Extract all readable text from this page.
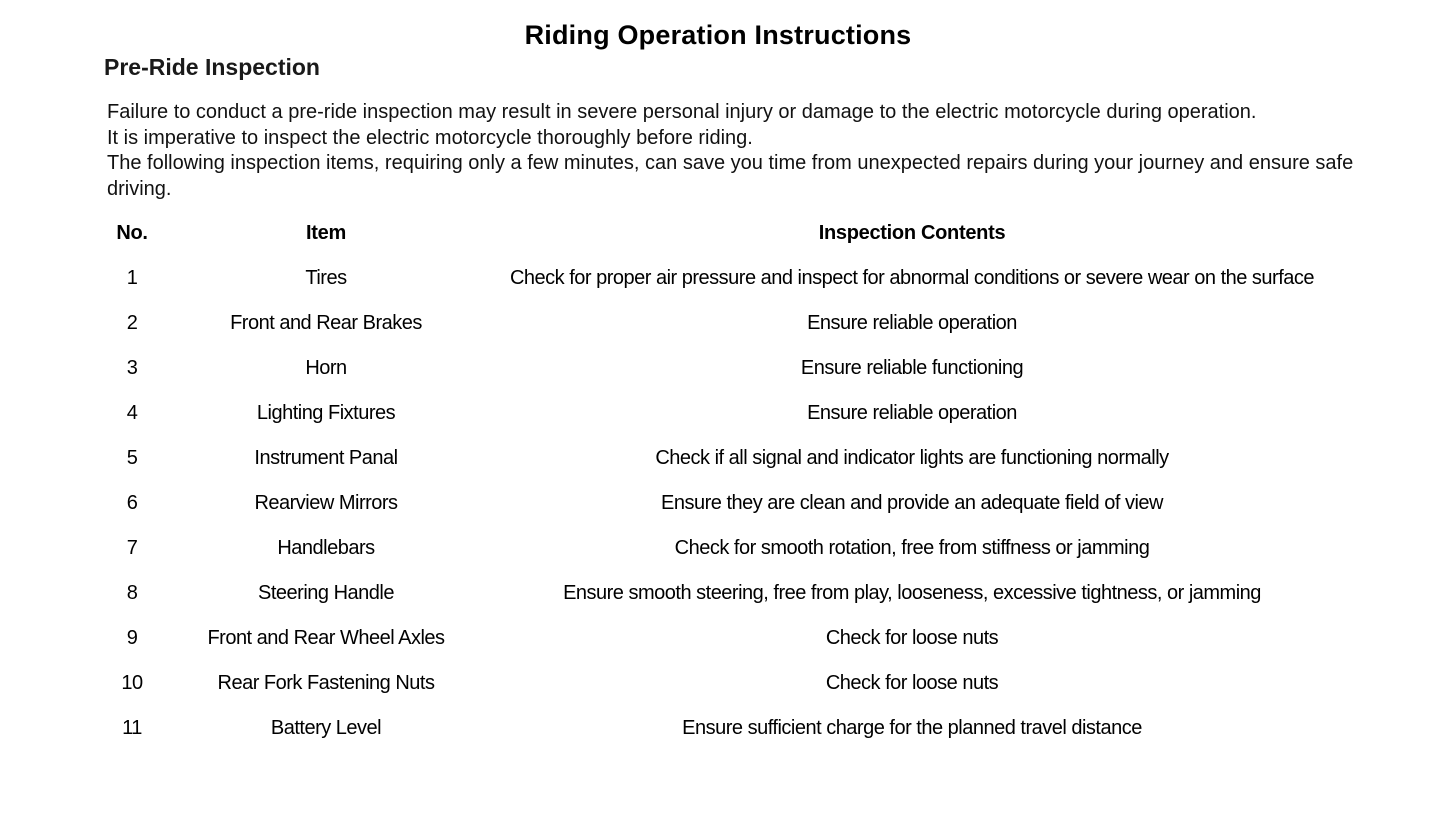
Riding Operation Instructions
Pre-Ride Inspection

Failure to conduct a pre-ride inspection may result in severe personal injury or damage to the electric motorcycle during operation.

It is imperative to inspect the electric motorcycle thoroughly before riding.

The following inspection items, requiring only a few minutes, can save you time from unexpected repairs during your journey and ensure safe driving.

No.	Item	Inspection Contents
1	Tires	Check for proper air pressure and inspect for abnormal conditions or severe wear on the surface
2	Front and Rear Brakes	Ensure reliable operation
3	Horn	Ensure reliable functioning
4	Lighting Fixtures	Ensure reliable operation
5	Instrument Panal	Check if all signal and indicator lights are functioning normally
6	Rearview Mirrors	Ensure they are clean and provide an adequate field of view
7	Handlebars	Check for smooth rotation, free from stiffness or jamming
8	Steering Handle	Ensure smooth steering, free from play, looseness, excessive tightness, or jamming
9	Front and Rear Wheel Axles	Check for loose nuts
10	Rear Fork Fastening Nuts	Check for loose nuts
11	Battery Level	Ensure sufficient charge for the planned travel distance
